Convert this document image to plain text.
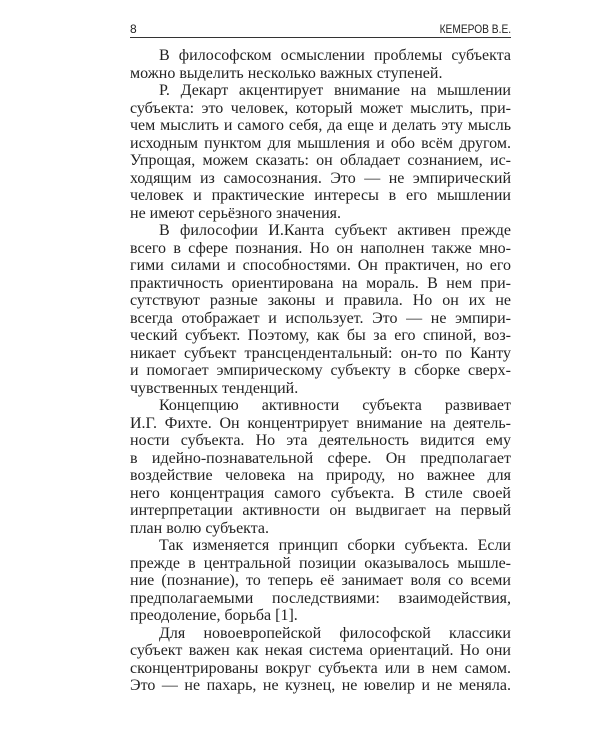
8	КЕМЕРОВ В.Е.
В философском осмыслении проблемы субъекта
можно выделить несколько важных ступеней.
Р. Декарт акцентирует внимание на мышлении
субъекта: это человек, который может мыслить, при-
чем мыслить и самого себя, да еще и делать эту мысль
исходным пунктом для мышления и обо всём другом.
Упрощая, можем сказать: он обладает сознанием, ис-
ходящим из самосознания. Это — не эмпирический
человек и практические интересы в его мышлении
не имеют серьёзного значения.
В философии И.Канта субъект активен прежде
всего в сфере познания. Но он наполнен также мно-
гими силами и способностями. Он практичен, но его
практичность ориентирована на мораль. В нем при-
сутствуют разные законы и правила. Но он их не
всегда отображает и использует. Это — не эмпири-
ческий субъект. Поэтому, как бы за его спиной, воз-
никает субъект трансцендентальный: он-то по Канту
и помогает эмпирическому субъекту в сборке сверх-
чувственных тенденций.
Концепцию активности субъекта развивает
И.Г. Фихте. Он концентрирует внимание на деятель-
ности субъекта. Но эта деятельность видится ему
в идейно-познавательной сфере. Он предполагает
воздействие человека на природу, но важнее для
него концентрация самого субъекта. В стиле своей
интерпретации активности он выдвигает на первый
план волю субъекта.
Так изменяется принцип сборки субъекта. Если
прежде в центральной позиции оказывалось мышле-
ние (познание), то теперь её занимает воля со всеми
предполагаемыми последствиями: взаимодействия,
преодоление, борьба [1].
Для новоевропейской философской классики
субъект важен как некая система ориентаций. Но они
сконцентрированы вокруг субъекта или в нем самом.
Это — не пахарь, не кузнец, не ювелир и не меняла.
